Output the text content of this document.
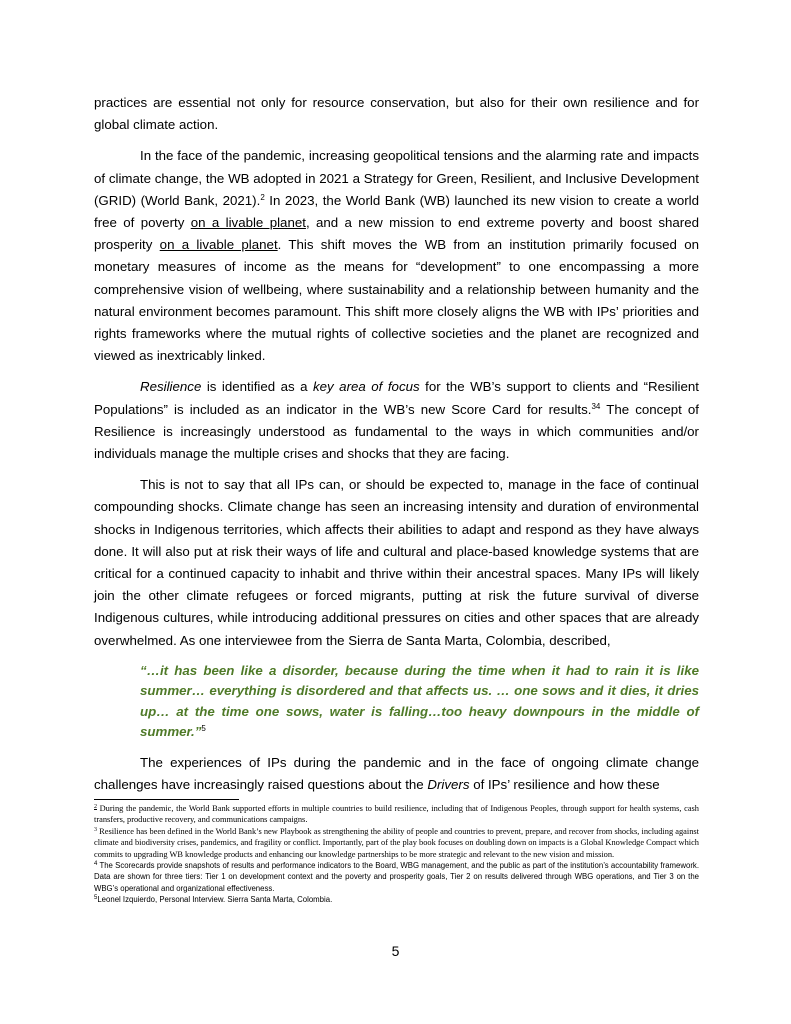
practices are essential not only for resource conservation, but also for their own resilience and for global climate action.

In the face of the pandemic, increasing geopolitical tensions and the alarming rate and impacts of climate change, the WB adopted in 2021 a Strategy for Green, Resilient, and Inclusive Development (GRID) (World Bank, 2021).$^2$ In 2023, the World Bank (WB) launched its new vision to create a world free of poverty on a livable planet, and a new mission to end extreme poverty and boost shared prosperity on a livable planet. This shift moves the WB from an institution primarily focused on monetary measures of income as the means for “development” to one encompassing a more comprehensive vision of wellbeing, where sustainability and a relationship between humanity and the natural environment becomes paramount. This shift more closely aligns the WB with IPs’ priorities and rights frameworks where the mutual rights of collective societies and the planet are recognized and viewed as inextricably linked.

Resilience is identified as a key area of focus for the WB’s support to clients and “Resilient Populations” is included as an indicator in the WB’s new Score Card for results.$^{34}$ The concept of Resilience is increasingly understood as fundamental to the ways in which communities and/or individuals manage the multiple crises and shocks that they are facing.

This is not to say that all IPs can, or should be expected to, manage in the face of continual compounding shocks. Climate change has seen an increasing intensity and duration of environmental shocks in Indigenous territories, which affects their abilities to adapt and respond as they have always done. It will also put at risk their ways of life and cultural and place-based knowledge systems that are critical for a continued capacity to inhabit and thrive within their ancestral spaces. Many IPs will likely join the other climate refugees or forced migrants, putting at risk the future survival of diverse Indigenous cultures, while introducing additional pressures on cities and other spaces that are already overwhelmed. As one interviewee from the Sierra de Santa Marta, Colombia, described,

“…it has been like a disorder, because during the time when it had to rain it is like summer… everything is disordered and that affects us. … one sows and it dies, it dries up… at the time one sows, water is falling…too heavy downpours in the middle of summer.”$^5$

The experiences of IPs during the pandemic and in the face of ongoing climate change challenges have increasingly raised questions about the Drivers of IPs’ resilience and how these

$^2$ During the pandemic, the World Bank supported efforts in multiple countries to build resilience, including that of Indigenous Peoples, through support for health systems, cash transfers, productive recovery, and communications campaigns.
$^3$ Resilience has been defined in the World Bank’s new Playbook as strengthening the ability of people and countries to prevent, prepare, and recover from shocks, including against climate and biodiversity crises, pandemics, and fragility or conflict. Importantly, part of the play book focuses on doubling down on impacts is a Global Knowledge Compact which commits to upgrading WB knowledge products and enhancing our knowledge partnerships to be more strategic and relevant to the new vision and mission.
$^4$ The Scorecards provide snapshots of results and performance indicators to the Board, WBG management, and the public as part of the institution’s accountability framework. Data are shown for three tiers: Tier 1 on development context and the poverty and prosperity goals, Tier 2 on results delivered through WBG operations, and Tier 3 on the WBG’s operational and organizational effectiveness.
$^5$Leonel Izquierdo, Personal Interview. Sierra Santa Marta, Colombia.
5
